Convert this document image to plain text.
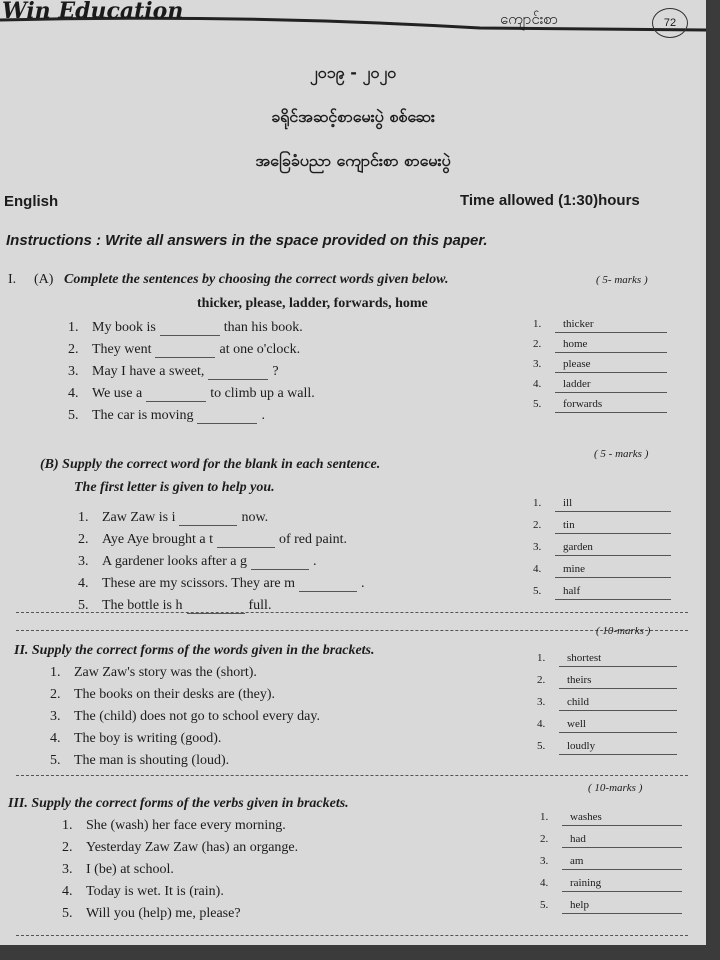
Win Education	ကျောင်းစာ	72
၂၀၁၉ - ၂၀၂၀
ခရိုင်အဆင့်စာမေးပွဲ စစ်ဆေး
အခြေခံပညာ ကျောင်းစာ စာမေးပွဲ
English	Time allowed (1:30)hours
Instructions : Write all answers in the space provided on this paper.
I. (A) Complete the sentences by choosing the correct words given below.	( 5- marks )
thicker, please, ladder, forwards, home
(B) Supply the correct word for the blank in each sentence.
The first letter is given to help you.
( 5 - marks )
II. Supply the correct forms of the words given in the brackets.
( 10-marks )
III. Supply the correct forms of the verbs given in brackets.
( 10-marks )
1. My book is
2. They went
3. May I have a sweet,
4. We use a
5. The car is moving
1. thicker
2. home
3. please
4. ladder
5. forwards
1. Zaw Zaw is i
2. Aye Aye brought a t
3. A gardener looks after a g
4. These are my scissors. They are m
5. The bottle is h
1. ill
2. tin
3. garden
4. mine
5. half
1. Zaw Zaw's story was the (short).
2. The books on their desks are (they).
3. The (child) does not go to school every day.
4. The boy is writing (good).
5. The man is shouting (loud).
1. shortest
2. theirs
3. child
4. well
5. loudly
1. She (wash) her face every morning.
2. Yesterday Zaw Zaw (has) an organge.
3. I (be) at school.
4. Today is wet. It is (rain).
5. Will you (help) me, please?
1. washes
2. had
3. am
4. raining
5. help
than his book.
at one o'clock.
?
to climb up a wall.
.
now.
of red paint.
.
.
full.
